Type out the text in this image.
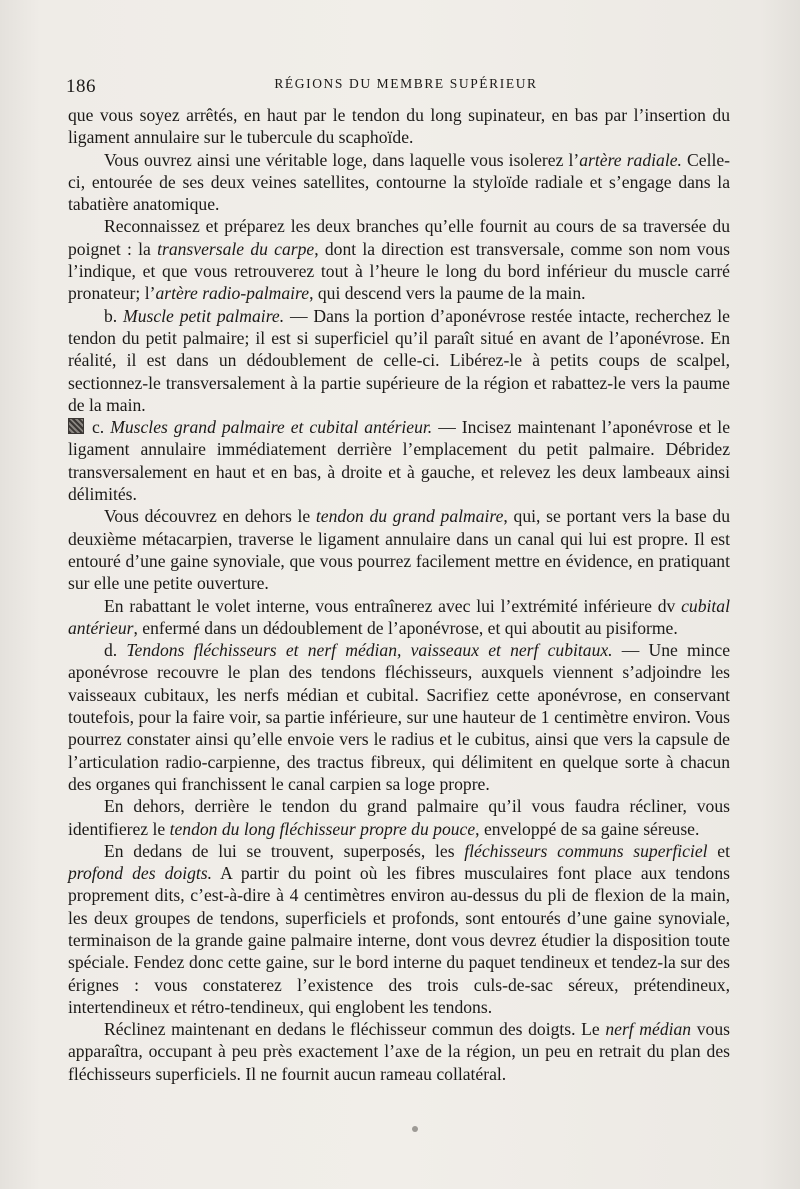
186	RÉGIONS DU MEMBRE SUPÉRIEUR

que vous soyez arrêtés, en haut par le tendon du long supinateur, en bas par l’insertion du ligament annulaire sur le tubercule du scaphoïde.

Vous ouvrez ainsi une véritable loge, dans laquelle vous isolerez l’artère radiale. Celle-ci, entourée de ses deux veines satellites, contourne la styloïde radiale et s’engage dans la tabatière anatomique.

Reconnaissez et préparez les deux branches qu’elle fournit au cours de sa traversée du poignet : la transversale du carpe, dont la direction est transversale, comme son nom vous l’indique, et que vous retrouverez tout à l’heure le long du bord inférieur du muscle carré pronateur; l’artère radio-palmaire, qui descend vers la paume de la main.

b. Muscle petit palmaire. — Dans la portion d’aponévrose restée intacte, recherchez le tendon du petit palmaire; il est si superficiel qu’il paraît situé en avant de l’aponévrose. En réalité, il est dans un dédoublement de celle-ci. Libérez-le à petits coups de scalpel, sectionnez-le transversalement à la partie supérieure de la région et rabattez-le vers la paume de la main.

c. Muscles grand palmaire et cubital antérieur. — Incisez maintenant l’aponévrose et le ligament annulaire immédiatement derrière l’emplacement du petit palmaire. Débridez transversalement en haut et en bas, à droite et à gauche, et relevez les deux lambeaux ainsi délimités.

Vous découvrez en dehors le tendon du grand palmaire, qui, se portant vers la base du deuxième métacarpien, traverse le ligament annulaire dans un canal qui lui est propre. Il est entouré d’une gaine synoviale, que vous pourrez facilement mettre en évidence, en pratiquant sur elle une petite ouverture.

En rabattant le volet interne, vous entraînerez avec lui l’extrémité inférieure dv cubital antérieur, enfermé dans un dédoublement de l’aponévrose, et qui aboutit au pisiforme.

d. Tendons fléchisseurs et nerf médian, vaisseaux et nerf cubitaux. — Une mince aponévrose recouvre le plan des tendons fléchisseurs, auxquels viennent s’adjoindre les vaisseaux cubitaux, les nerfs médian et cubital. Sacrifiez cette aponévrose, en conservant toutefois, pour la faire voir, sa partie inférieure, sur une hauteur de 1 centimètre environ. Vous pourrez constater ainsi qu’elle envoie vers le radius et le cubitus, ainsi que vers la capsule de l’articulation radio-carpienne, des tractus fibreux, qui délimitent en quelque sorte à chacun des organes qui franchissent le canal carpien sa loge propre.

En dehors, derrière le tendon du grand palmaire qu’il vous faudra récliner, vous identifierez le tendon du long fléchisseur propre du pouce, enveloppé de sa gaine séreuse.

En dedans de lui se trouvent, superposés, les fléchisseurs communs superficiel et profond des doigts. A partir du point où les fibres musculaires font place aux tendons proprement dits, c’est-à-dire à 4 centimètres environ au-dessus du pli de flexion de la main, les deux groupes de tendons, superficiels et profonds, sont entourés d’une gaine synoviale, terminaison de la grande gaine palmaire interne, dont vous devrez étudier la disposition toute spéciale. Fendez donc cette gaine, sur le bord interne du paquet tendineux et tendez-la sur des érignes : vous constaterez l’existence des trois culs-de-sac séreux, prétendineux, intertendineux et rétro-tendineux, qui englobent les tendons.

Réclinez maintenant en dedans le fléchisseur commun des doigts. Le nerf médian vous apparaîtra, occupant à peu près exactement l’axe de la région, un peu en retrait du plan des fléchisseurs superficiels. Il ne fournit aucun rameau collatéral.
